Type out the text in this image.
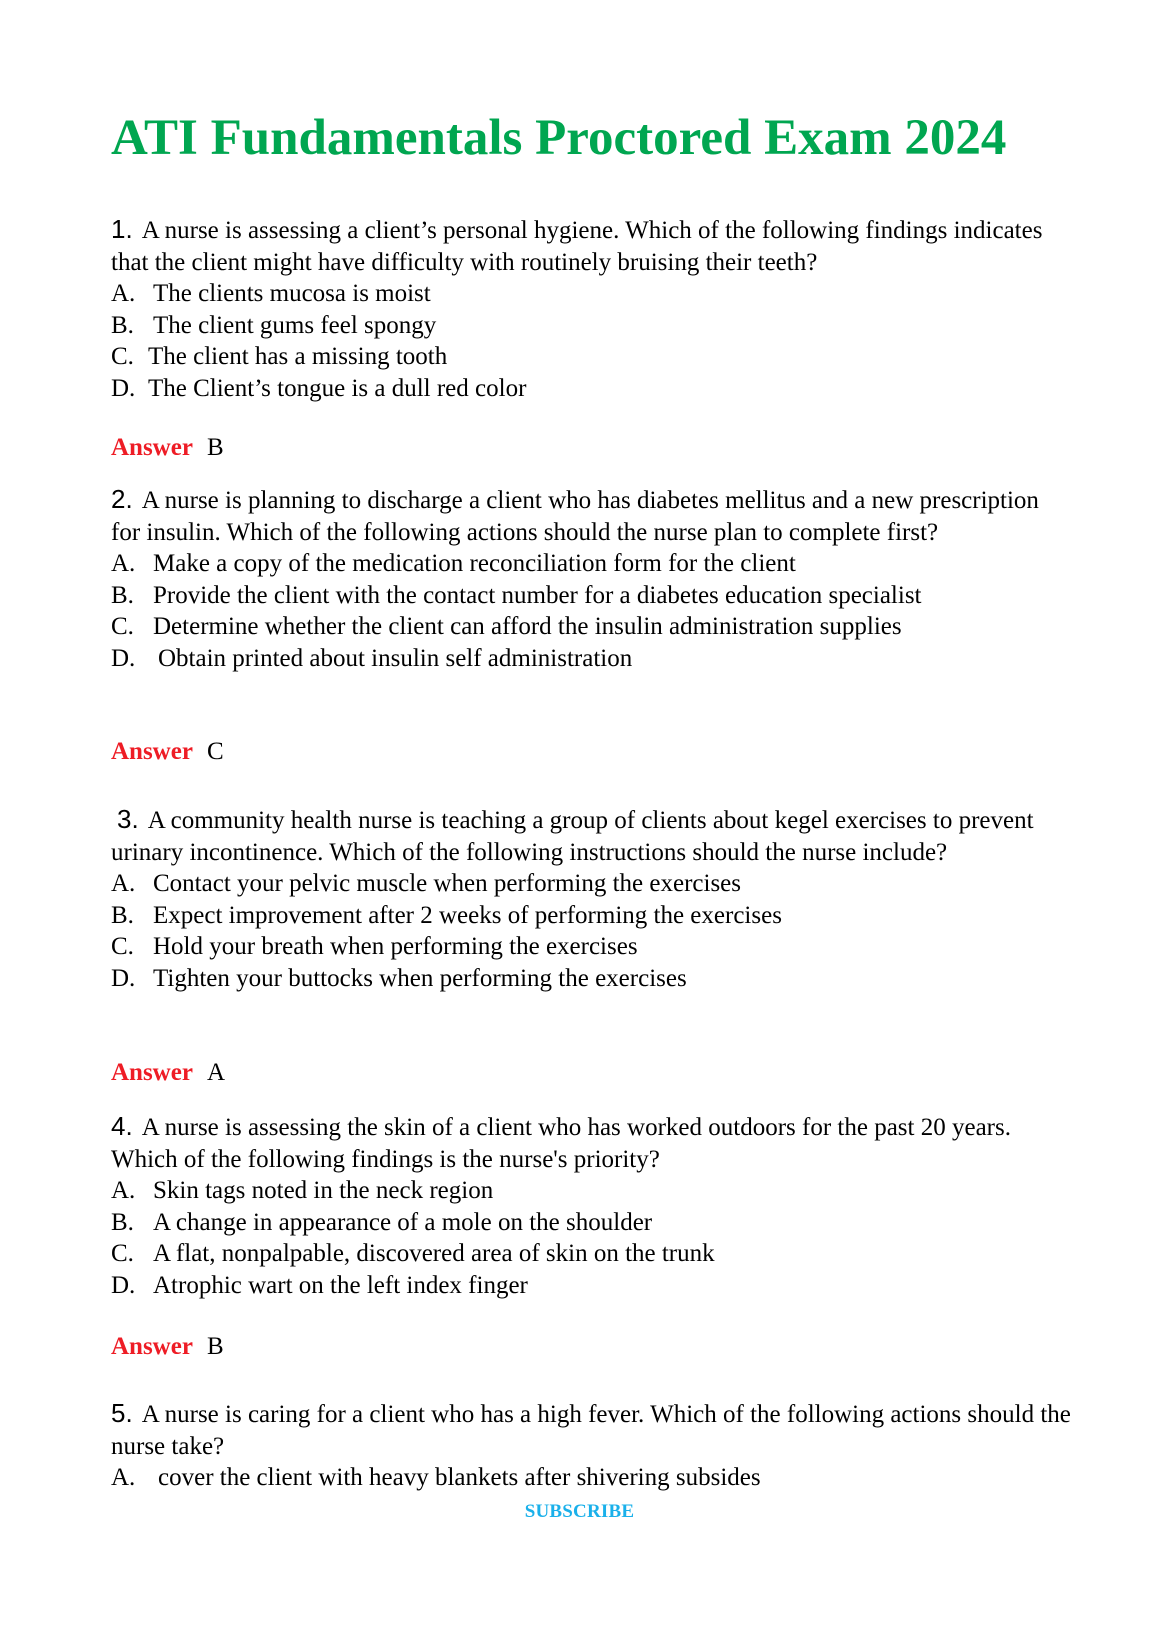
ATI Fundamentals Proctored Exam 2024
1. A nurse is assessing a client’s personal hygiene. Which of the following findings indicates that the client might have difficulty with routinely bruising their teeth?
A. The clients mucosa is moist
B. The client gums feel spongy
C. The client has a missing tooth
D. The Client’s tongue is a dull red color
Answer B
2. A nurse is planning to discharge a client who has diabetes mellitus and a new prescription for insulin. Which of the following actions should the nurse plan to complete first?
A. Make a copy of the medication reconciliation form for the client
B. Provide the client with the contact number for a diabetes education specialist
C. Determine whether the client can afford the insulin administration supplies
D. Obtain printed about insulin self administration
Answer C
3. A community health nurse is teaching a group of clients about kegel exercises to prevent urinary incontinence. Which of the following instructions should the nurse include?
A. Contact your pelvic muscle when performing the exercises
B. Expect improvement after 2 weeks of performing the exercises
C. Hold your breath when performing the exercises
D. Tighten your buttocks when performing the exercises
Answer A
4. A nurse is assessing the skin of a client who has worked outdoors for the past 20 years. Which of the following findings is the nurse's priority?
A. Skin tags noted in the neck region
B. A change in appearance of a mole on the shoulder
C. A flat, nonpalpable, discovered area of skin on the trunk
D. Atrophic wart on the left index finger
Answer B
5. A nurse is caring for a client who has a high fever. Which of the following actions should the nurse take?
A. cover the client with heavy blankets after shivering subsides
SUBSCRIBE
